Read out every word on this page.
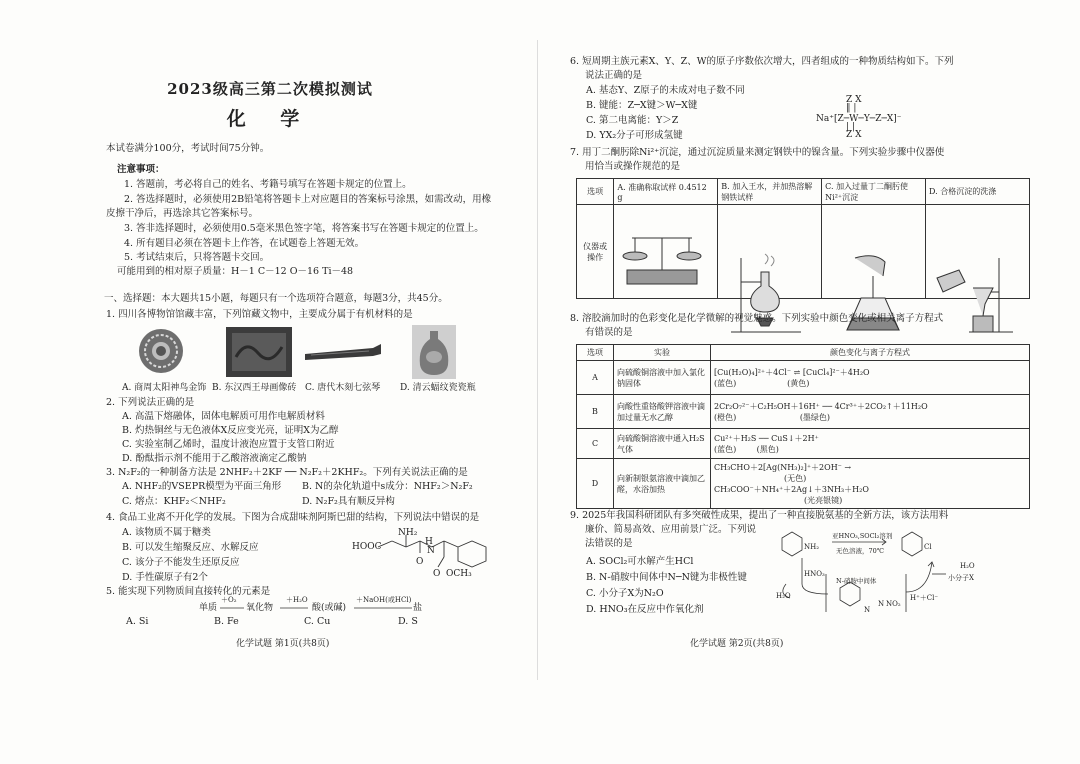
2023级高三第二次模拟测试
化 学
本试卷满分100分，考试时间75分钟。
注意事项：
1. 答题前，考必将自己的姓名、考籍号填写在答题卡规定的位置上。
2. 答选择题时，必须使用2B铅笔将答题卡上对应题目的答案标号涂黑，如需改动，用橡
皮擦干净后，再选涂其它答案标号。
3. 答非选择题时，必须使用0.5毫米黑色签字笔，将答案书写在答题卡规定的位置上。
4. 所有题目必须在答题卡上作答，在试题卷上答题无效。
5. 考试结束后，只将答题卡交回。
可能用到的相对原子质量：H－1 C－12 O－16 Ti－48
一、选择题：本大题共15小题，每题只有一个选项符合题意，每题3分，共45分。
1. 四川各博物馆馆藏丰富，下列馆藏文物中，主要成分属于有机材料的是
A. 商周太阳神鸟金饰 B. 东汉西王母画像砖 C. 唐代木刻七弦琴 D. 清云蝠纹瓷瓷瓶
2. 下列说法正确的是
A. 高温下熔融体，固体电解质可用作电解质材料
B. 灼热铜丝与无色液体X反应变光亮，证明X为乙醇
C. 实验室制乙烯时，温度计液泡应置于支管口附近
D. 酚酞指示剂不能用于乙酸溶液滴定乙酸钠
3. N₂F₂的一种制备方法是 2NHF₂＋2KF ── N₂F₂＋2KHF₂。下列有关说法正确的是
A. NHF₂的VSEPR模型为平面三角形 B. N的杂化轨道中s成分：NHF₂＞N₂F₂
C. 熔点：KHF₂＜NHF₂	D. N₂F₂具有顺反异构
4. 食品工业离不开化学的发展。下图为合成甜味剂阿斯巴甜的结构，下列说法中错误的是
A. 该物质不属于糖类
B. 可以发生缩聚反应、水解反应
C. 该分子不能发生还原反应
D. 手性碳原子有2个
HOOC
NH₂
H
N
O
O OCH₃
5. 能实现下列物质间直接转化的元素是
单质
＋O₂
氧化物
＋H₂O
酸(或碱)
＋NaOH(或HCl)
盐
A. Si	B. Fe	C. Cu	D. S
化学试题 第1页(共8页)
6. 短周期主族元素X、Y、Z、W的原子序数依次增大，四者组成的一种物质结构如下。下列
说法正确的是
A. 基态Y、Z原子的未成对电子数不同
B. 键能：Z─X键＞W─X键
C. 第二电离能：Y＞Z
D. YX₂分子可形成氢键
Z X
‖ |
Na⁺[Z─W─Y─Z─X]⁻
| |
Z X
7. 用丁二酮肟除Ni²⁺沉淀，通过沉淀质量来测定钢铁中的镍含量。下列实验步骤中仪器使
用恰当或操作规范的是
选项	A. 准确称取试样 0.4512 g	B. 加入王水，并加热溶解钢铁试样	C. 加入过量丁二酮肟使Ni²⁺沉淀	D. 合格沉淀的洗涤
仪器或操作		

8. 溶胶滴加时的色彩变化是化学微解的视觉魅惑。下列实验中颜色变化或相关离子方程式
有错误的是
选项	实验	颜色变化与离子方程式
A	向硫酸铜溶液中加入氯化钠固体	[Cu(H₂O)₄]²⁺＋4Cl⁻ ⇌ [CuCl₄]²⁻＋4H₂O
(蓝色)                    (黄色)

B	向酸性重铬酸钾溶液中滴加过量无水乙醇	2Cr₂O₇²⁻＋C₂H₅OH＋16H⁺ ── 4Cr³⁺＋2CO₂↑＋11H₂O
(橙色)                         (墨绿色)

C	向硫酸铜溶液中通入H₂S气体	Cu²⁺＋H₂S ── CuS↓＋2H⁺
(蓝色)        (黑色)

D	向新制银氨溶液中滴加乙醛，水浴加热	CH₃CHO＋2[Ag(NH₃)₂]⁺＋2OH⁻ →
(无色)
CH₃COO⁻＋NH₄⁺＋2Ag↓＋3NH₃＋H₂O
(光亮银镜)
9. 2025年我国科研团队有多突破性成果，提出了一种直接脱氨基的全新方法，该方法用料
廉价、简易高效、应用前景广泛。下列说
法错误的是
A. SOCl₂可水解产生HCl
B. N-硝胺中间体中N─N键为非极性键
C. 小分子X为N₂O
D. HNO₃在反应中作氧化剂
亚HNO₃,SOCl₂溶剂
无色溶液，70℃
NH₂	Cl
HNO₃
H₂O
N-硝胺中间体
H⁺＋Cl⁻
H₂O
小分子X
N
N NO₂
化学试题 第2页(共8页)
